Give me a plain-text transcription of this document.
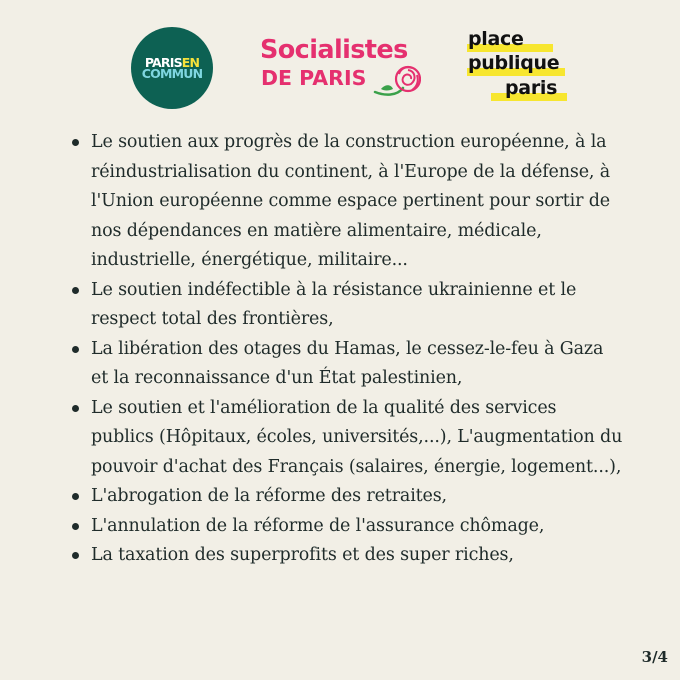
PARISEN
COMMUN
Socialistes
DE PARIS
place
publique
paris
Le soutien aux progrès de la construction européenne, à la réindustrialisation du continent, à l'Europe de la défense, à l'Union européenne comme espace pertinent pour sortir de nos dépendances en matière alimentaire, médicale, industrielle, énergétique, militaire...
Le soutien indéfectible à la résistance ukrainienne et le respect total des frontières,
La libération des otages du Hamas, le cessez-le-feu à Gaza et la reconnaissance d'un État palestinien,
Le soutien et l'amélioration de la qualité des services publics (Hôpitaux, écoles, universités,...), L'augmentation du pouvoir d'achat des Français (salaires, énergie, logement...),
L'abrogation de la réforme des retraites,
L'annulation de la réforme de l'assurance chômage,
La taxation des superprofits et des super riches,
3/4
